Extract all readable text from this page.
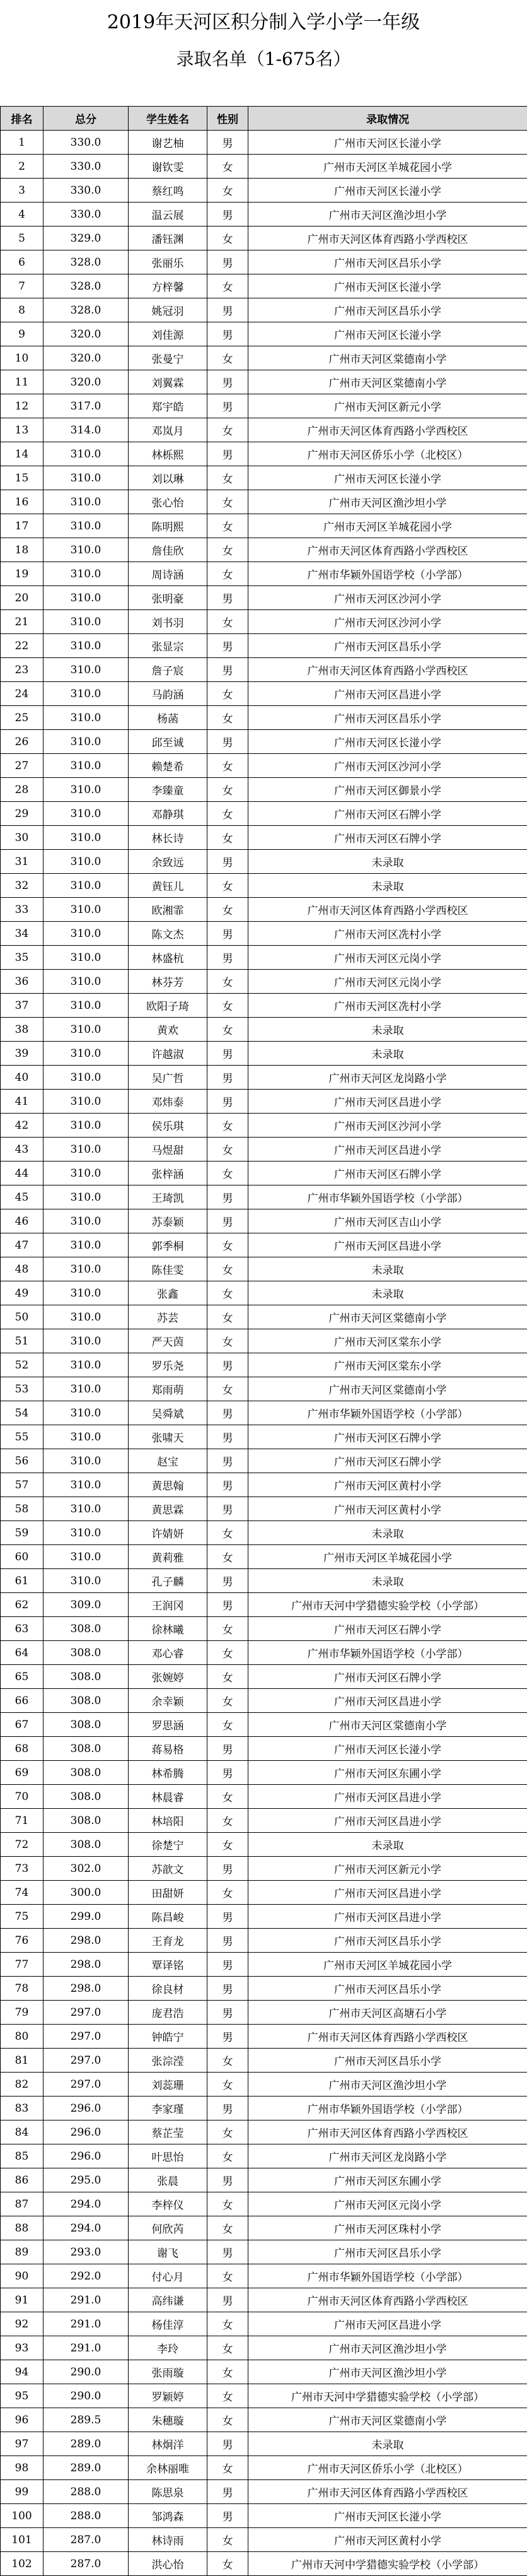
2019年天河区积分制入学小学一年级
录取名单（1-675名）
排名	总分	学生姓名	性别	录取情况
1	330.0	谢艺柚	男	广州市天河区长湴小学
2	330.0	谢钦雯	女	广州市天河区羊城花园小学
3	330.0	蔡红鸣	女	广州市天河区长湴小学
4	330.0	温云展	男	广州市天河区渔沙坦小学
5	329.0	潘钰渊	女	广州市天河区体育西路小学西校区
6	328.0	张丽乐	男	广州市天河区昌乐小学
7	328.0	方梓馨	女	广州市天河区长湴小学
8	328.0	姚冠羽	男	广州市天河区昌乐小学
9	320.0	刘佳源	男	广州市天河区长湴小学
10	320.0	张曼宁	女	广州市天河区棠德南小学
11	320.0	刘翼霖	男	广州市天河区棠德南小学
12	317.0	郑宇皓	男	广州市天河区新元小学
13	314.0	邓岚月	女	广州市天河区体育西路小学西校区
14	310.0	林栎熙	男	广州市天河区侨乐小学（北校区）
15	310.0	刘以琳	女	广州市天河区长湴小学
16	310.0	张心怡	女	广州市天河区渔沙坦小学
17	310.0	陈明熙	女	广州市天河区羊城花园小学
18	310.0	詹佳欣	女	广州市天河区体育西路小学西校区
19	310.0	周诗涵	女	广州市华颖外国语学校（小学部）
20	310.0	张明豪	男	广州市天河区沙河小学
21	310.0	刘书羽	女	广州市天河区沙河小学
22	310.0	张显宗	男	广州市天河区昌乐小学
23	310.0	詹子宸	男	广州市天河区体育西路小学西校区
24	310.0	马韵涵	女	广州市天河区昌进小学
25	310.0	杨菡	女	广州市天河区昌乐小学
26	310.0	邱至诚	男	广州市天河区长湴小学
27	310.0	赖楚希	女	广州市天河区沙河小学
28	310.0	李臻童	女	广州市天河区御景小学
29	310.0	邓静琪	女	广州市天河区石牌小学
30	310.0	林长诗	女	广州市天河区石牌小学
31	310.0	余致远	男	未录取
32	310.0	黄钰儿	女	未录取
33	310.0	欧湘霏	女	广州市天河区体育西路小学西校区
34	310.0	陈文杰	男	广州市天河区冼村小学
35	310.0	林盛杭	男	广州市天河区元岗小学
36	310.0	林芬芳	女	广州市天河区元岗小学
37	310.0	欧阳子琦	女	广州市天河区冼村小学
38	310.0	黄欢	女	未录取
39	310.0	许越淑	男	未录取
40	310.0	吴广哲	男	广州市天河区龙岗路小学
41	310.0	邓炜泰	男	广州市天河区昌进小学
42	310.0	侯乐琪	女	广州市天河区沙河小学
43	310.0	马煜甜	女	广州市天河区昌进小学
44	310.0	张梓涵	女	广州市天河区石牌小学
45	310.0	王琦凯	男	广州市华颖外国语学校（小学部）
46	310.0	苏泰颖	男	广州市天河区吉山小学
47	310.0	郭季桐	女	广州市天河区昌进小学
48	310.0	陈佳雯	女	未录取
49	310.0	张鑫	女	未录取
50	310.0	苏芸	女	广州市天河区棠德南小学
51	310.0	严天茵	女	广州市天河区棠东小学
52	310.0	罗乐尧	男	广州市天河区棠东小学
53	310.0	郑雨萌	女	广州市天河区棠德南小学
54	310.0	吴舜斌	男	广州市华颖外国语学校（小学部）
55	310.0	张啸天	男	广州市天河区石牌小学
56	310.0	赵宝	男	广州市天河区石牌小学
57	310.0	黄思翰	男	广州市天河区黄村小学
58	310.0	黄思霖	男	广州市天河区黄村小学
59	310.0	许婧妍	女	未录取
60	310.0	黄莉雅	女	广州市天河区羊城花园小学
61	310.0	孔子麟	男	未录取
62	309.0	王润冈	男	广州市天河中学猎德实验学校（小学部）
63	308.0	徐林曦	女	广州市天河区石牌小学
64	308.0	邓心睿	女	广州市华颖外国语学校（小学部）
65	308.0	张婉婷	女	广州市天河区石牌小学
66	308.0	余幸颖	女	广州市天河区昌进小学
67	308.0	罗思涵	女	广州市天河区棠德南小学
68	308.0	蒋易格	男	广州市天河区长湴小学
69	308.0	林希腾	男	广州市天河区东圃小学
70	308.0	林晨睿	女	广州市天河区昌进小学
71	308.0	林培阳	女	广州市天河区昌进小学
72	308.0	徐楚宁	女	未录取
73	302.0	苏歆文	男	广州市天河区新元小学
74	300.0	田甜妍	女	广州市天河区昌进小学
75	299.0	陈昌峻	男	广州市天河区昌进小学
76	298.0	王育龙	男	广州市天河区昌乐小学
77	298.0	覃译铭	男	广州市天河区羊城花园小学
78	298.0	徐良材	男	广州市天河区昌乐小学
79	297.0	庞君浩	男	广州市天河区高塘石小学
80	297.0	钟皓宁	男	广州市天河区体育西路小学西校区
81	297.0	张淙滢	女	广州市天河区昌乐小学
82	297.0	刘蕊珊	女	广州市天河区渔沙坦小学
83	296.0	李家瑾	男	广州市华颖外国语学校（小学部）
84	296.0	蔡芷莹	女	广州市天河区体育西路小学西校区
85	296.0	叶思怡	女	广州市天河区龙岗路小学
86	295.0	张晨	男	广州市天河区东圃小学
87	294.0	李梓仪	女	广州市天河区元岗小学
88	294.0	何欣芮	女	广州市天河区珠村小学
89	293.0	谢飞	男	广州市天河区昌乐小学
90	292.0	付心月	女	广州市华颖外国语学校（小学部）
91	291.0	高纬谦	男	广州市天河区体育西路小学西校区
92	291.0	杨佳淳	女	广州市天河区昌进小学
93	291.0	李玲	女	广州市天河区渔沙坦小学
94	290.0	张雨璇	女	广州市天河区渔沙坦小学
95	290.0	罗颖婷	女	广州市天河中学猎德实验学校（小学部）
96	289.5	朱穗璇	女	广州市天河区棠德南小学
97	289.0	林炯洋	男	未录取
98	289.0	余林丽唯	女	广州市天河区侨乐小学（北校区）
99	288.0	陈思泉	男	广州市天河区体育西路小学西校区
100	288.0	邹鸿森	男	广州市天河区长湴小学
101	287.0	林诗雨	女	广州市天河区黄村小学
102	287.0	洪心怡	女	广州市天河中学猎德实验学校（小学部）
